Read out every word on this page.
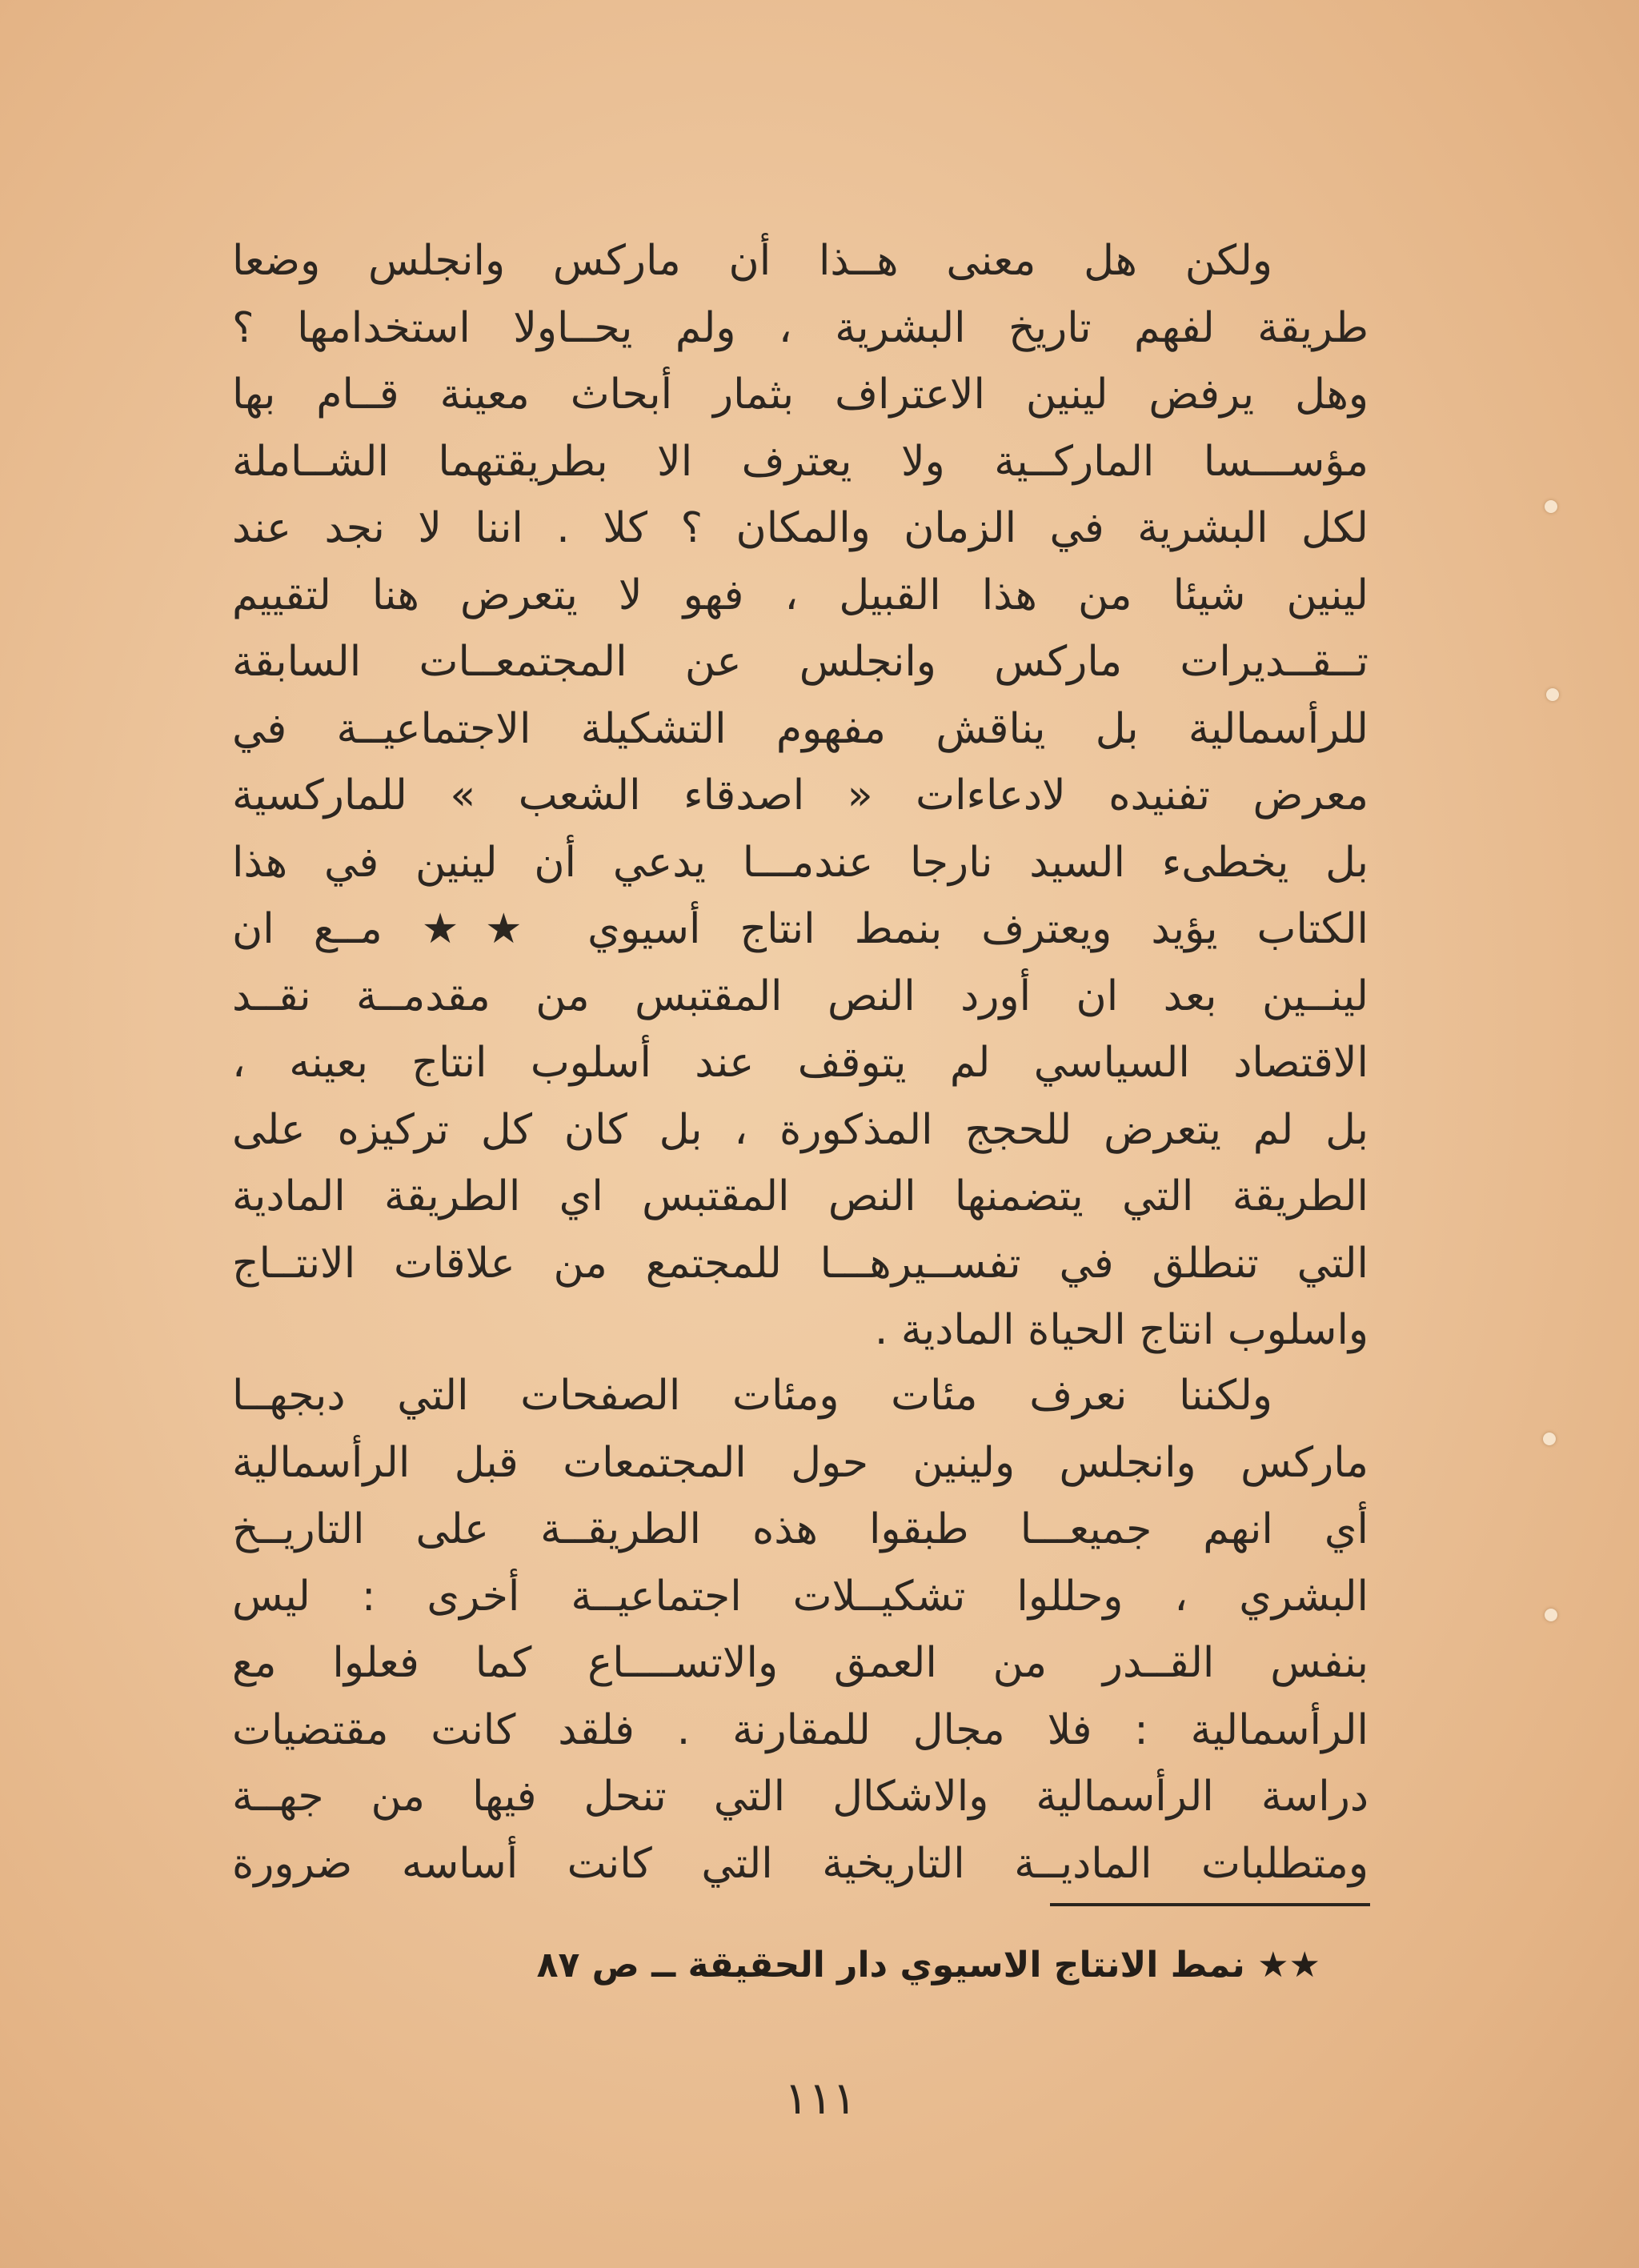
ولكن هل معنى هــذا أن ماركس وانجلس وضعا
طريقة لفهم تاريخ البشرية ، ولم يحــاولا استخدامها ؟
وهل يرفض لينين الاعتراف بثمار أبحاث معينة قــام بها
مؤســـسا الماركــية ولا يعترف الا بطريقتهما الشــاملة
لكل البشرية في الزمان والمكان ؟ كلا . اننا لا نجد عند
لينين شيئا من هذا القبيل ، فهو لا يتعرض هنا لتقييم
تــقــديرات ماركس وانجلس عن المجتمعــات السابقة
للرأسمالية بل يناقش مفهوم التشكيلة الاجتماعيــة في
معرض تفنيده لادعاءات « اصدقاء الشعب » للماركسية
بل يخطىء السيد نارجا عندمـــا يدعي أن لينين في هذا
الكتاب يؤيد ويعترف بنمط انتاج أسيوي ★★ مــع ان
لينــين بعد ان أورد النص المقتبس من مقدمــة نقــد
الاقتصاد السياسي لم يتوقف عند أسلوب انتاج بعينه ،
بل لم يتعرض للحجج المذكورة ، بل كان كل تركيزه على
الطريقة التي يتضمنها النص المقتبس اي الطريقة المادية
التي تنطلق في تفســيرهـــا للمجتمع من علاقات الانتــاج
واسلوب انتاج الحياة المادية .
ولكننا نعرف مئات ومئات الصفحات التي دبجهــا
ماركس وانجلس ولينين حول المجتمعات قبل الرأسمالية
أي انهم جميعـــا طبقوا هذه الطريقــة على التاريــخ
البشري ، وحللوا تشكيــلات اجتماعيــة أخرى : ليس
بنفس القــدر من العمق والاتســــاع كما فعلوا مع
الرأسمالية : فلا مجال للمقارنة . فلقد كانت مقتضيات
دراسة الرأسمالية والاشكال التي تنحل فيها من جهــة
ومتطلبات الماديــة التاريخية التي كانت أساسه ضرورة
★★ نمط الانتاج الاسيوي دار الحقيقة ــ ص ٨٧
١١١
